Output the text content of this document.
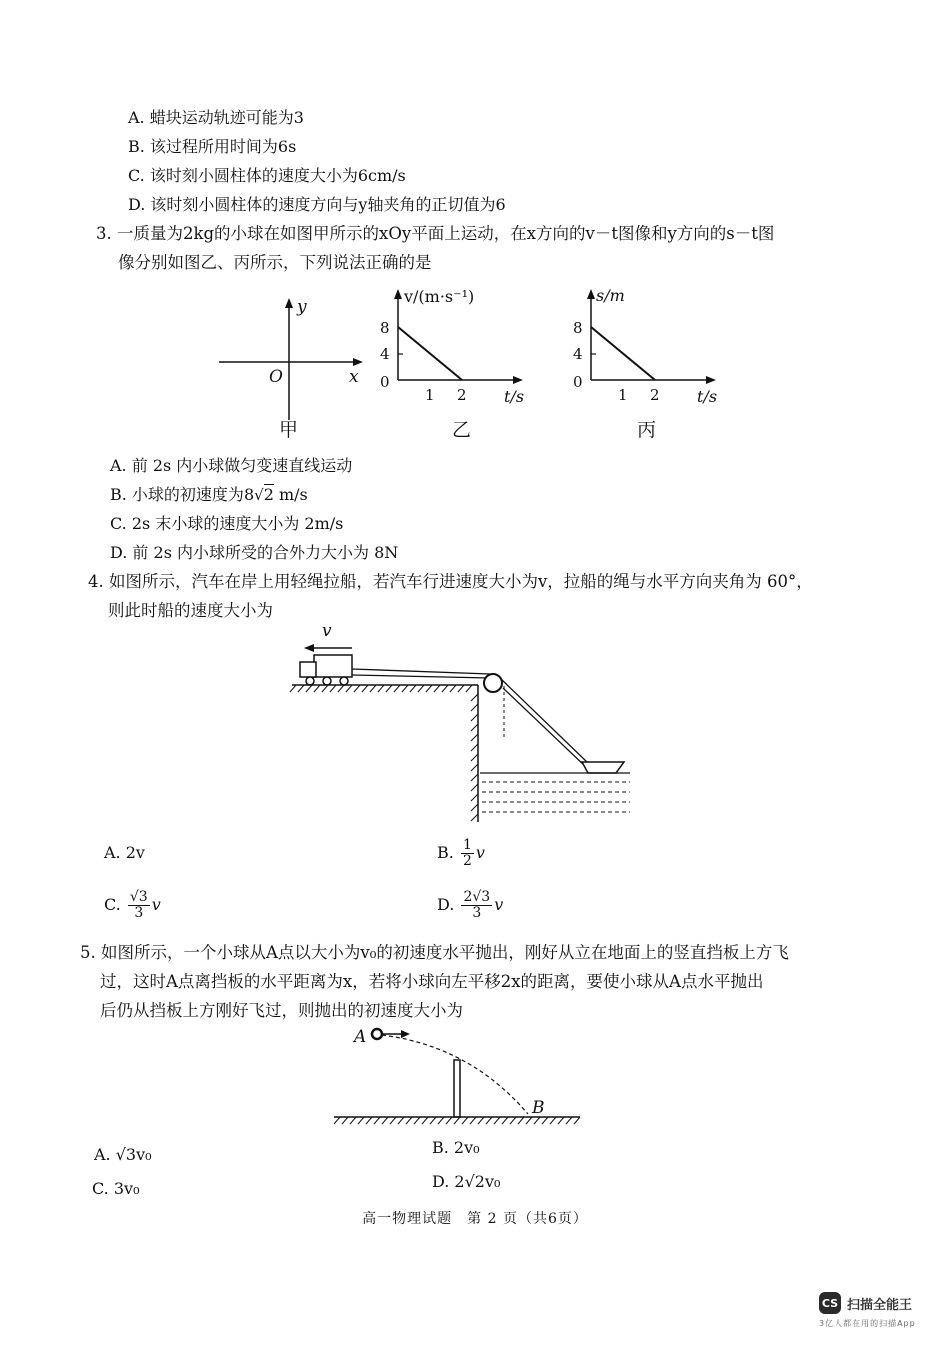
A. 蜡块运动轨迹可能为3
B. 该过程所用时间为6s
C. 该时刻小圆柱体的速度大小为6cm/s
D. 该时刻小圆柱体的速度方向与y轴夹角的正切值为6
3. 一质量为2kg的小球在如图甲所示的xOy平面上运动，在x方向的v－t图像和y方向的s－t图
像分别如图乙、丙所示，下列说法正确的是
y
x
O
甲
v/(m·s⁻¹)
8
4
0
1 2 t/s
乙
s/m
8
4
0
1 2 t/s
丙
A. 前 2s 内小球做匀变速直线运动
B. 小球的初速度为8√2 m/s
C. 2s 末小球的速度大小为 2m/s
D. 前 2s 内小球所受的合外力大小为 8N
4. 如图所示，汽车在岸上用轻绳拉船，若汽车行进速度大小为v，拉船的绳与水平方向夹角为 60°，
则此时船的速度大小为
v
A. 2v	B. $\frac{1}{2}$ v
C. $\frac{√3}{3}$ v	D. $\frac{2√3}{3}$ v
5. 如图所示，一个小球从A点以大小为v₀的初速度水平抛出，刚好从立在地面上的竖直挡板上方飞
过，这时A点离挡板的水平距离为x，若将小球向左平移2x的距离，要使小球从A点水平抛出
后仍从挡板上方刚好飞过，则抛出的初速度大小为
A
B
A. √3v₀	B. 2v₀
C. 3v₀	D. 2√2v₀
高一物理试题　第 2 页（共6页）
CS 扫描全能王
3亿人都在用的扫描App
